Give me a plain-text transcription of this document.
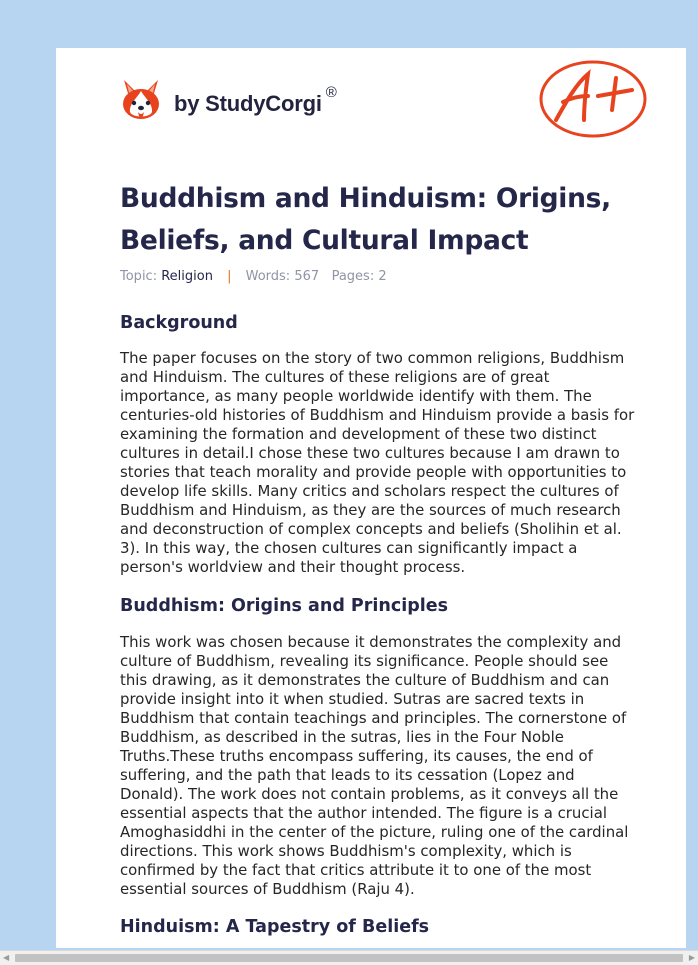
by StudyCorgi ®
Buddhism and Hinduism: Origins, Beliefs, and Cultural Impact
Topic: Religion | Words: 567 Pages: 2
Background

The paper focuses on the story of two common religions, Buddhism and Hinduism. The cultures of these religions are of great importance, as many people worldwide identify with them. The centuries-old histories of Buddhism and Hinduism provide a basis for examining the formation and development of these two distinct cultures in detail.I chose these two cultures because I am drawn to stories that teach morality and provide people with opportunities to develop life skills. Many critics and scholars respect the cultures of Buddhism and Hinduism, as they are the sources of much research and deconstruction of complex concepts and beliefs (Sholihin et al. 3). In this way, the chosen cultures can significantly impact a person's worldview and their thought process.

Buddhism: Origins and Principles

This work was chosen because it demonstrates the complexity and culture of Buddhism, revealing its significance. People should see this drawing, as it demonstrates the culture of Buddhism and can provide insight into it when studied. Sutras are sacred texts in Buddhism that contain teachings and principles. The cornerstone of Buddhism, as described in the sutras, lies in the Four Noble Truths.These truths encompass suffering, its causes, the end of suffering, and the path that leads to its cessation (Lopez and Donald). The work does not contain problems, as it conveys all the essential aspects that the author intended. The figure is a crucial Amoghasiddhi in the center of the picture, ruling one of the cardinal directions. This work shows Buddhism's complexity, which is confirmed by the fact that critics attribute it to one of the most essential sources of Buddhism (Raju 4).

Hinduism: A Tapestry of Beliefs
◀	▶
